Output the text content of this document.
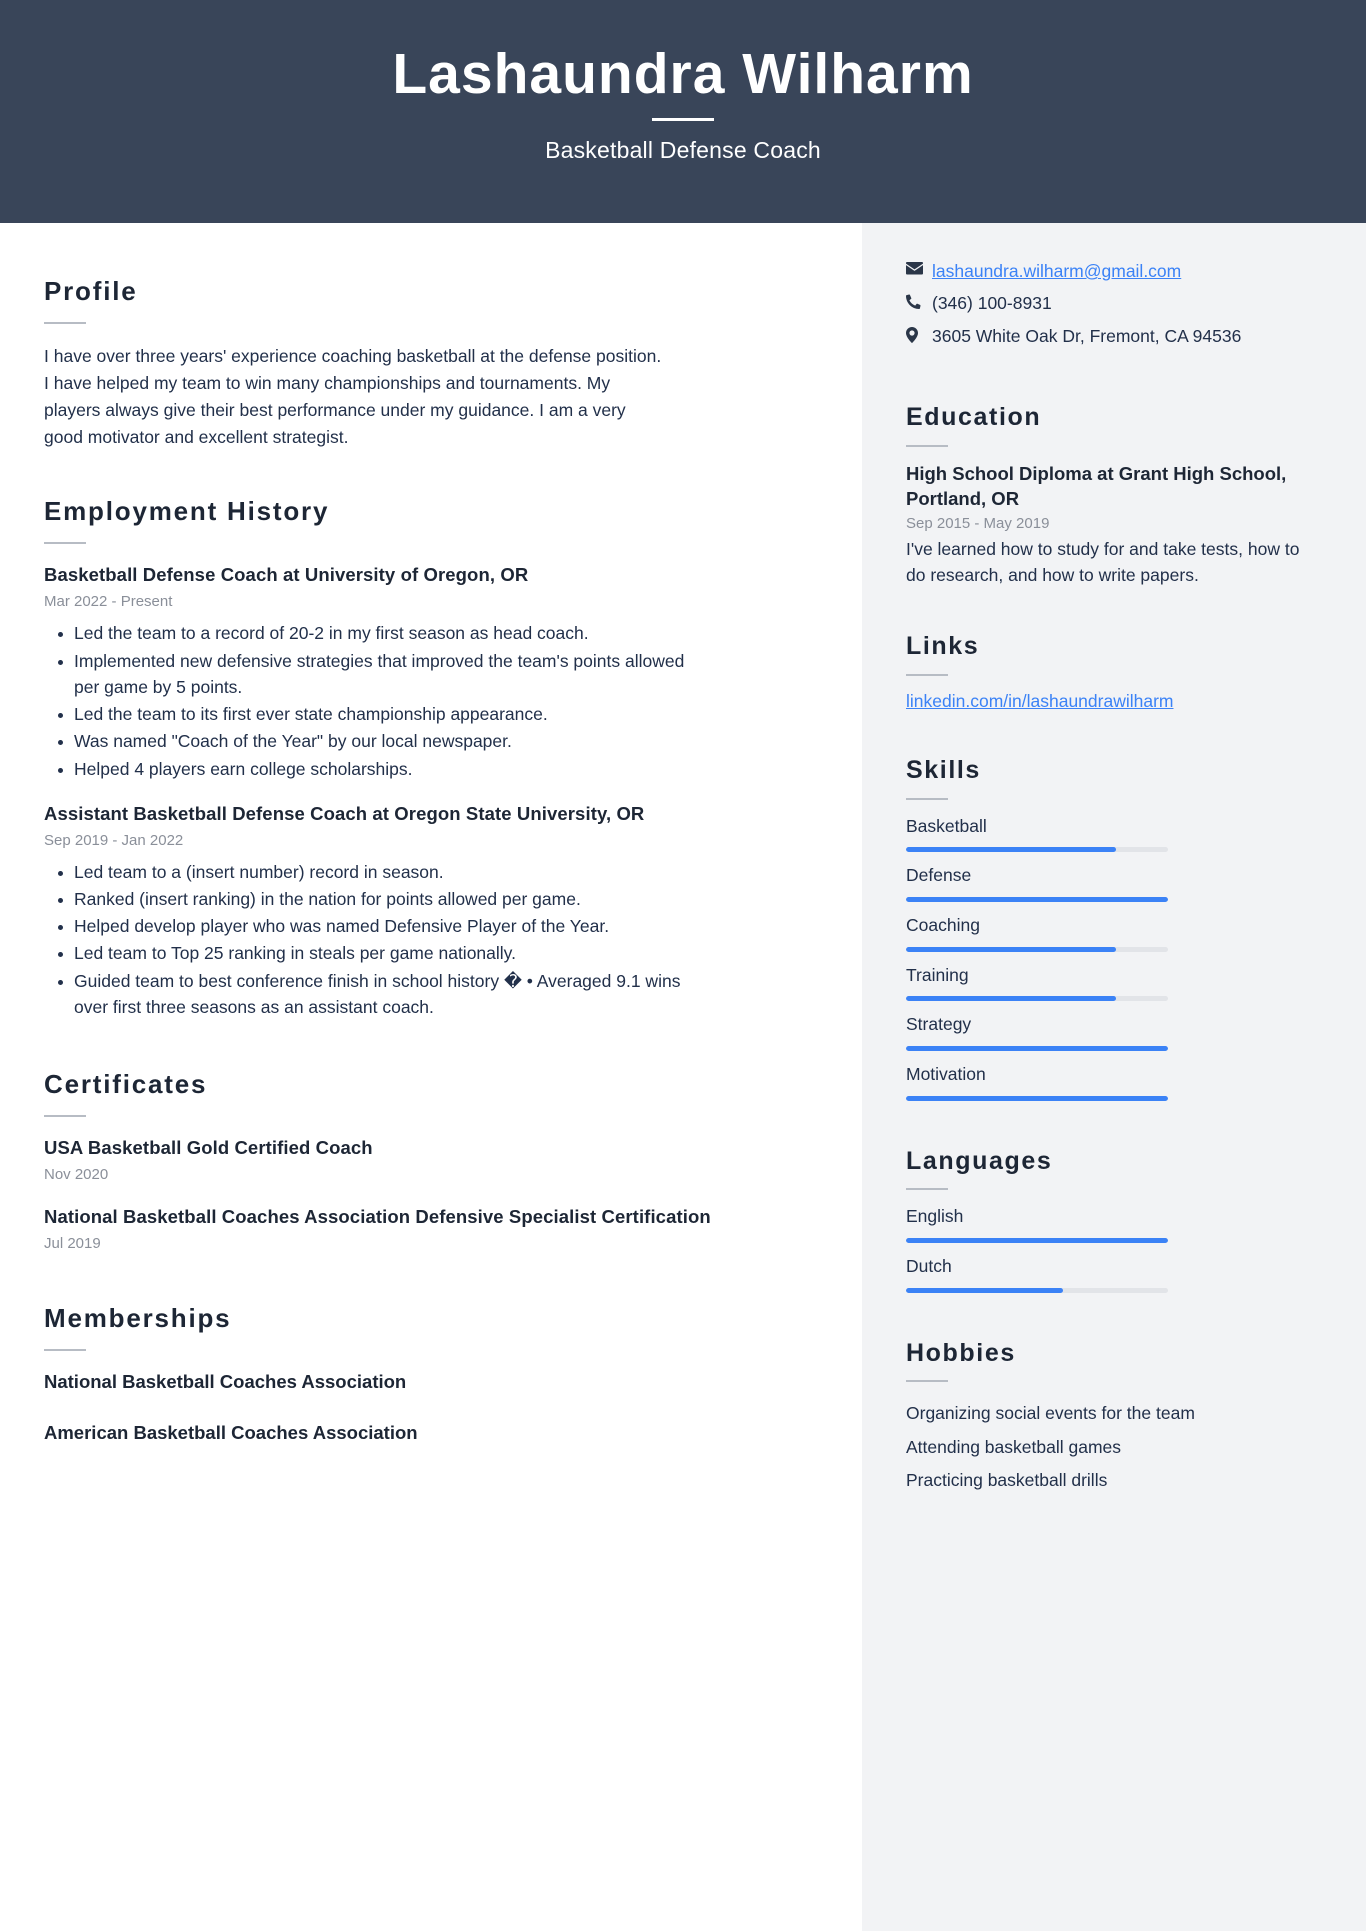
Lashaundra Wilharm
Basketball Defense Coach
Profile
I have over three years' experience coaching basketball at the defense position. I have helped my team to win many championships and tournaments. My players always give their best performance under my guidance. I am a very good motivator and excellent strategist.
Employment History
Basketball Defense Coach at University of Oregon, OR
Mar 2022 - Present
Led the team to a record of 20-2 in my first season as head coach.
Implemented new defensive strategies that improved the team's points allowed per game by 5 points.
Led the team to its first ever state championship appearance.
Was named "Coach of the Year" by our local newspaper.
Helped 4 players earn college scholarships.
Assistant Basketball Defense Coach at Oregon State University, OR
Sep 2019 - Jan 2022
Led team to a (insert number) record in season.
Ranked (insert ranking) in the nation for points allowed per game.
Helped develop player who was named Defensive Player of the Year.
Led team to Top 25 ranking in steals per game nationally.
Guided team to best conference finish in school history � • Averaged 9.1 wins over first three seasons as an assistant coach.
Certificates
USA Basketball Gold Certified Coach
Nov 2020
National Basketball Coaches Association Defensive Specialist Certification
Jul 2019
Memberships
National Basketball Coaches Association
American Basketball Coaches Association
lashaundra.wilharm@gmail.com
(346) 100-8931
3605 White Oak Dr, Fremont, CA 94536
Education
High School Diploma at Grant High School, Portland, OR
Sep 2015 - May 2019
I've learned how to study for and take tests, how to do research, and how to write papers.
Links
linkedin.com/in/lashaundrawilharm
Skills
Basketball
Defense
Coaching
Training
Strategy
Motivation
Languages
English
Dutch
Hobbies
Organizing social events for the team
Attending basketball games
Practicing basketball drills
